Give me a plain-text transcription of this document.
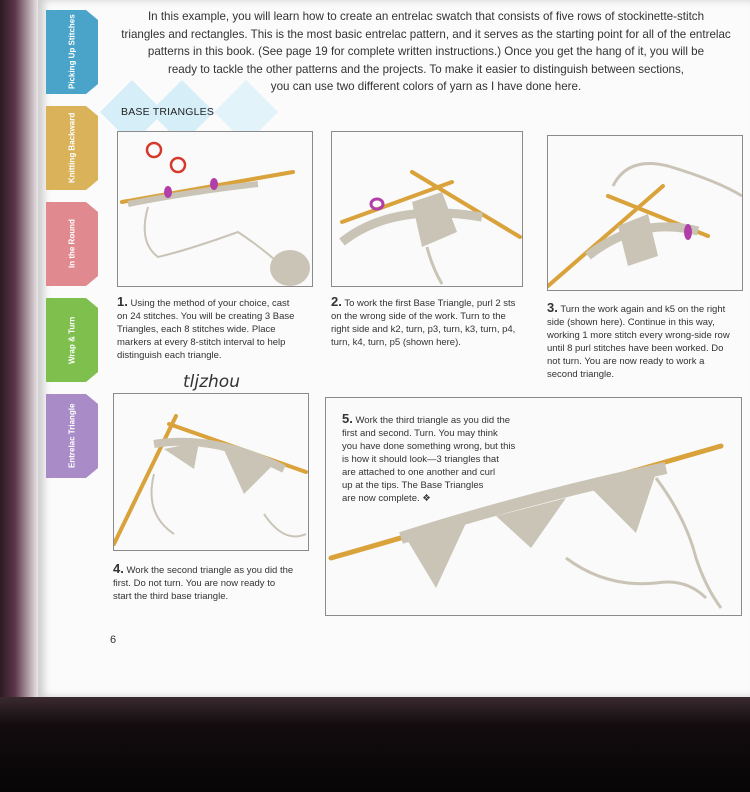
Picking Up Stitches
Knitting Backward
In the Round
Wrap & Turn
Entrelac Triangle

In this example, you will learn how to create an entrelac swatch that consists of five rows of stockinette-stitch

triangles and rectangles. This is the most basic entrelac pattern, and it serves as the starting point for all of the entrelac

patterns in this book. (See page 19 for complete written instructions.) Once you get the hang of it, you will be

ready to tackle the other patterns and the projects. To make it easier to distinguish between sections,

you can use two different colors of yarn as I have done here.

BASE TRIANGLES
1. Using the method of your choice, cast
on 24 stitches. You will be creating 3 Base
Triangles, each 8 stitches wide. Place
markers at every 8-stitch interval to help
distinguish each triangle.
2. To work the first Base Triangle, purl 2 sts
on the wrong side of the work. Turn to the
right side and k2, turn, p3, turn, k3, turn, p4,
turn, k4, turn, p5 (shown here).
3. Turn the work again and k5 on the right
side (shown here). Continue in this way,
working 1 more stitch every wrong-side row
until 8 purl stitches have been worked. Do
not turn. You are now ready to work a
second triangle.
tljzhou
4. Work the second triangle as you did the
first. Do not turn. You are now ready to
start the third base triangle.
5. Work the third triangle as you did the
first and second. Turn. You may think
you have done something wrong, but this
is how it should look—3 triangles that
are attached to one another and curl
up at the tips. The Base Triangles
are now complete. ❖
6
